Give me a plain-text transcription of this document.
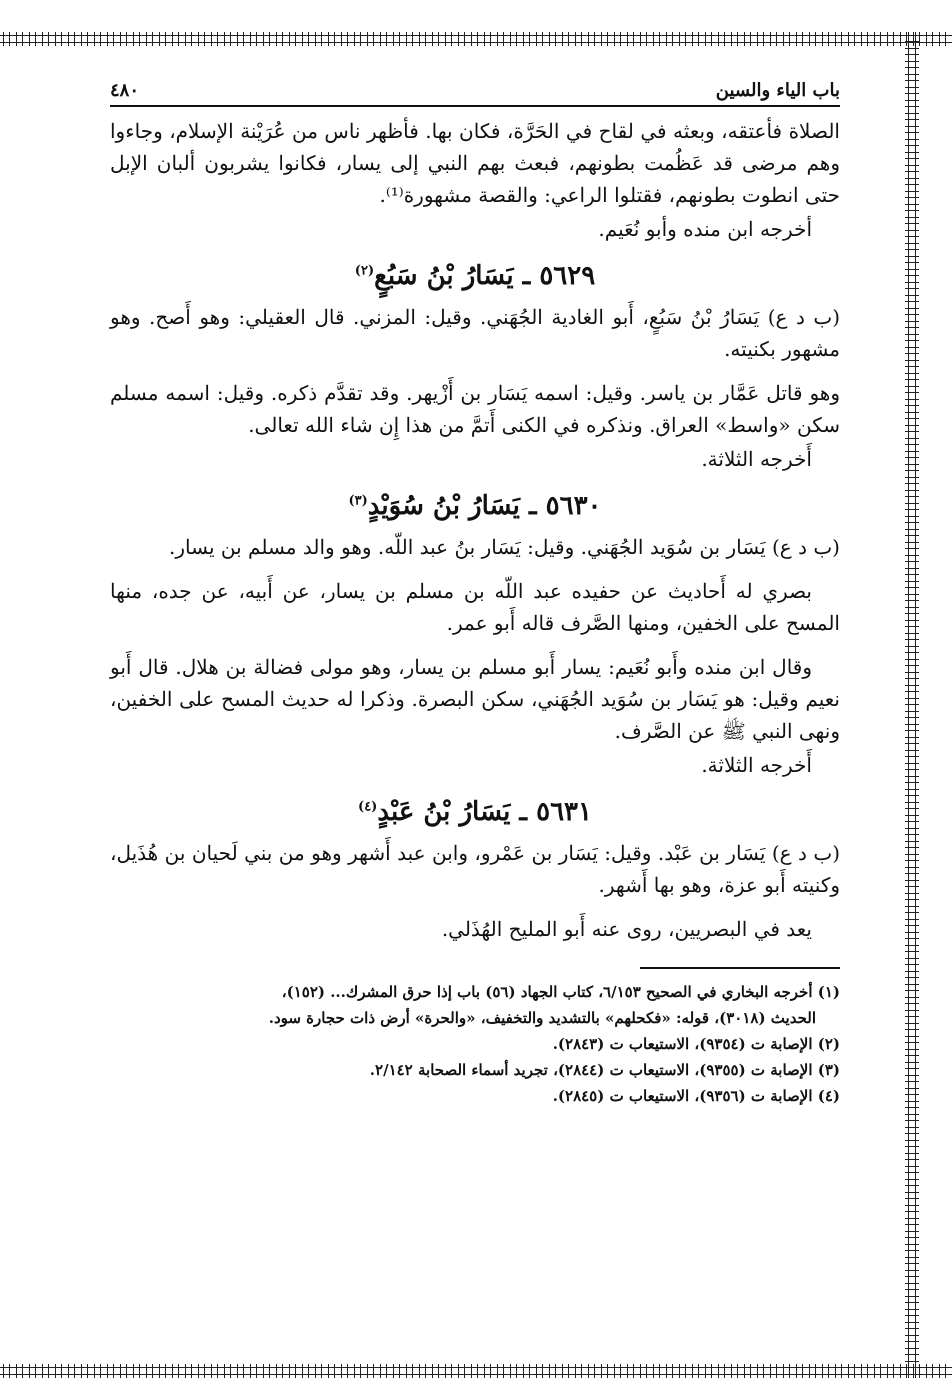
باب الياء والسين
٤٨٠

الصلاة فأعتقه، وبعثه في لقاح في الحَرَّة، فكان بها. فأظهر ناس من عُرَيْنة الإسلام، وجاءوا وهم مرضى قد عَظُمت بطونهم، فبعث بهم النبي إلى يسار، فكانوا يشربون ألبان الإبل حتى انطوت بطونهم، فقتلوا الراعي: والقصة مشهورة⁽¹⁾.

أخرجه ابن منده وأبو نُعَيم.

٥٦٢٩ ـ يَسَارُ بْنُ سَبُعٍ$^{(٢)}$

(ب د ع) يَسَارُ بْنُ سَبُعٍ، أَبو الغادية الجُهَني. وقيل: المزني. قال العقيلي: وهو أَصح. وهو مشهور بكنيته.

وهو قاتل عَمَّار بن ياسر. وقيل: اسمه يَسَار بن أَزْيهر. وقد تقدَّم ذكره. وقيل: اسمه مسلم سكن «واسط» العراق. ونذكره في الكنى أَتمَّ من هذا إِن شاء الله تعالى.

أَخرجه الثلاثة.

٥٦٣٠ ـ يَسَارُ بْنُ سُوَيْدٍ$^{(٣)}$

(ب د ع) يَسَار بن سُوَيد الجُهَني. وقيل: يَسَار بنُ عبد اللّه. وهو والد مسلم بن يسار.

بصري له أَحاديث عن حفيده عبد اللّه بن مسلم بن يسار، عن أَبيه، عن جده، منها المسح على الخفين، ومنها الصَّرف قاله أَبو عمر.

وقال ابن منده وأَبو نُعَيم: يسار أَبو مسلم بن يسار، وهو مولى فضالة بن هلال. قال أَبو نعيم وقيل: هو يَسَار بن سُوَيد الجُهَني، سكن البصرة. وذكرا له حديث المسح على الخفين، ونهى النبي ﷺ عن الصَّرف.

أَخرجه الثلاثة.

٥٦٣١ ـ يَسَارُ بْنُ عَبْدٍ$^{(٤)}$

(ب د ع) يَسَار بن عَبْد. وقيل: يَسَار بن عَمْرو، وابن عبد أَشهر وهو من بني لَحيان بن هُذَيل، وكنيته أَبو عزة، وهو بها أَشهر.

يعد في البصريين، روى عنه أَبو المليح الهُذَلي.

(١) أخرجه البخاري في الصحيح ٦/١٥٣، كتاب الجهاد (٥٦) باب إذا حرق المشرك... (١٥٢)،

الحديث (٣٠١٨)، قوله: «فكحلهم» بالتشديد والتخفيف، «والحرة» أرض ذات حجارة سود.

(٢) الإصابة ت (٩٣٥٤)، الاستيعاب ت (٢٨٤٣).

(٣) الإصابة ت (٩٣٥٥)، الاستيعاب ت (٢٨٤٤)، تجريد أسماء الصحابة ٢/١٤٢.

(٤) الإصابة ت (٩٣٥٦)، الاستيعاب ت (٢٨٤٥).
